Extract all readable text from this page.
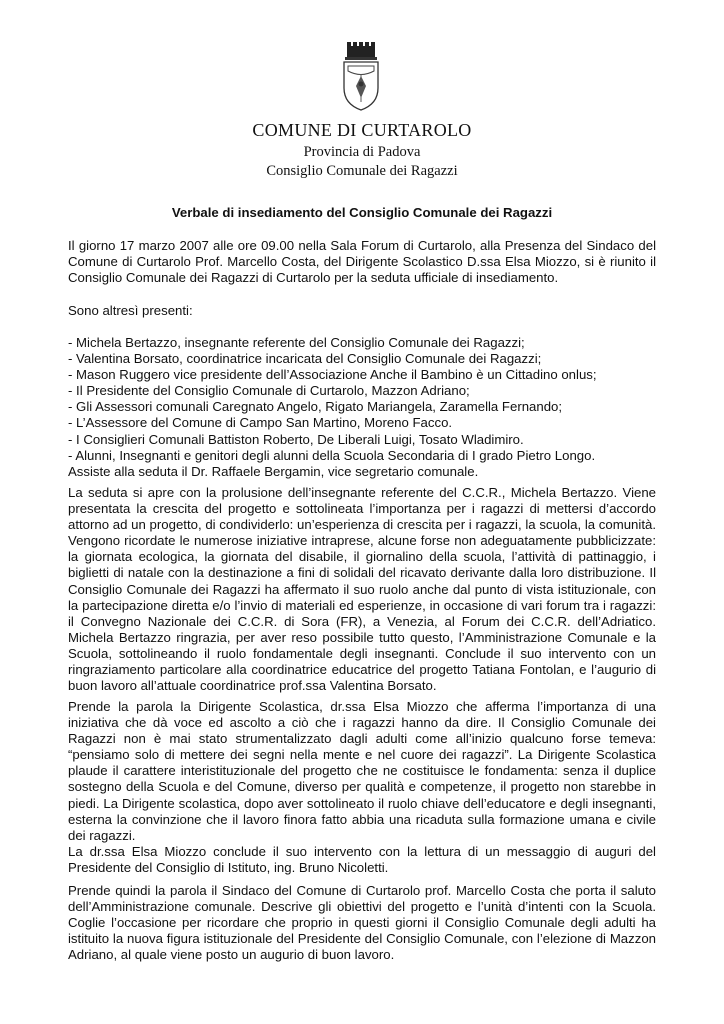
COMUNE DI CURTAROLO
Provincia di Padova
Consiglio Comunale dei Ragazzi
Verbale di insediamento del Consiglio Comunale dei Ragazzi

Il giorno 17 marzo 2007 alle ore 09.00 nella Sala Forum di Curtarolo, alla Presenza del Sindaco del Comune di Curtarolo Prof. Marcello Costa, del Dirigente Scolastico D.ssa Elsa Miozzo, si è riunito il Consiglio Comunale dei Ragazzi di Curtarolo per la seduta ufficiale di insediamento.

Sono altresì presenti:

- Michela Bertazzo, insegnante referente del Consiglio Comunale dei Ragazzi;

- Valentina Borsato, coordinatrice incaricata del Consiglio Comunale dei Ragazzi;

- Mason Ruggero vice presidente dell’Associazione Anche il Bambino è un Cittadino onlus;

- Il Presidente del Consiglio Comunale di Curtarolo, Mazzon Adriano;

- Gli Assessori comunali Caregnato Angelo, Rigato Mariangela, Zaramella Fernando;

- L’Assessore del Comune di Campo San Martino, Moreno Facco.

- I Consiglieri Comunali Battiston Roberto, De Liberali Luigi, Tosato Wladimiro.

- Alunni, Insegnanti e genitori degli alunni della Scuola Secondaria di I grado Pietro Longo.

Assiste alla seduta il Dr. Raffaele Bergamin, vice segretario comunale.

La seduta si apre con la prolusione dell’insegnante referente del C.C.R., Michela Bertazzo. Viene presentata la crescita del progetto e sottolineata l’importanza per i ragazzi di mettersi d’accordo attorno ad un progetto, di condividerlo: un’esperienza di crescita per i ragazzi, la scuola, la comunità. Vengono ricordate le numerose iniziative intraprese, alcune forse non adeguatamente pubblicizzate: la giornata ecologica, la giornata del disabile, il giornalino della scuola, l’attività di pattinaggio, i biglietti di natale con la destinazione a fini di solidali del ricavato derivante dalla loro distribuzione. Il Consiglio Comunale dei Ragazzi ha affermato il suo ruolo anche dal punto di vista istituzionale, con la partecipazione diretta e/o l’invio di materiali ed esperienze, in occasione di vari forum tra i ragazzi: il Convegno Nazionale dei C.C.R. di Sora (FR), a Venezia, al Forum dei C.C.R. dell’Adriatico. Michela Bertazzo ringrazia, per aver reso possibile tutto questo, l’Amministrazione Comunale e la Scuola, sottolineando il ruolo fondamentale degli insegnanti. Conclude il suo intervento con un ringraziamento particolare alla coordinatrice educatrice del progetto Tatiana Fontolan, e l’augurio di buon lavoro all’attuale coordinatrice prof.ssa Valentina Borsato.

Prende la parola la Dirigente Scolastica, dr.ssa Elsa Miozzo che afferma l’importanza di una iniziativa che dà voce ed ascolto a ciò che i ragazzi hanno da dire. Il Consiglio Comunale dei Ragazzi non è mai stato strumentalizzato dagli adulti come all’inizio qualcuno forse temeva: “pensiamo solo di mettere dei segni nella mente e nel cuore dei ragazzi”. La Dirigente Scolastica plaude il carattere interistituzionale del progetto che ne costituisce le fondamenta: senza il duplice sostegno della Scuola e del Comune, diverso per qualità e competenze, il progetto non starebbe in piedi. La Dirigente scolastica, dopo aver sottolineato il ruolo chiave dell’educatore e degli insegnanti, esterna la convinzione che il lavoro finora fatto abbia una ricaduta sulla formazione umana e civile dei ragazzi.

La dr.ssa Elsa Miozzo conclude il suo intervento con la lettura di un messaggio di auguri del Presidente del Consiglio di Istituto, ing. Bruno Nicoletti.

Prende quindi la parola il Sindaco del Comune di Curtarolo prof. Marcello Costa che porta il saluto dell’Amministrazione comunale. Descrive gli obiettivi del progetto e l’unità d’intenti con la Scuola. Coglie l’occasione per ricordare che proprio in questi giorni il Consiglio Comunale degli adulti ha istituito la nuova figura istituzionale del Presidente del Consiglio Comunale, con l’elezione di Mazzon Adriano, al quale viene posto un augurio di buon lavoro.
